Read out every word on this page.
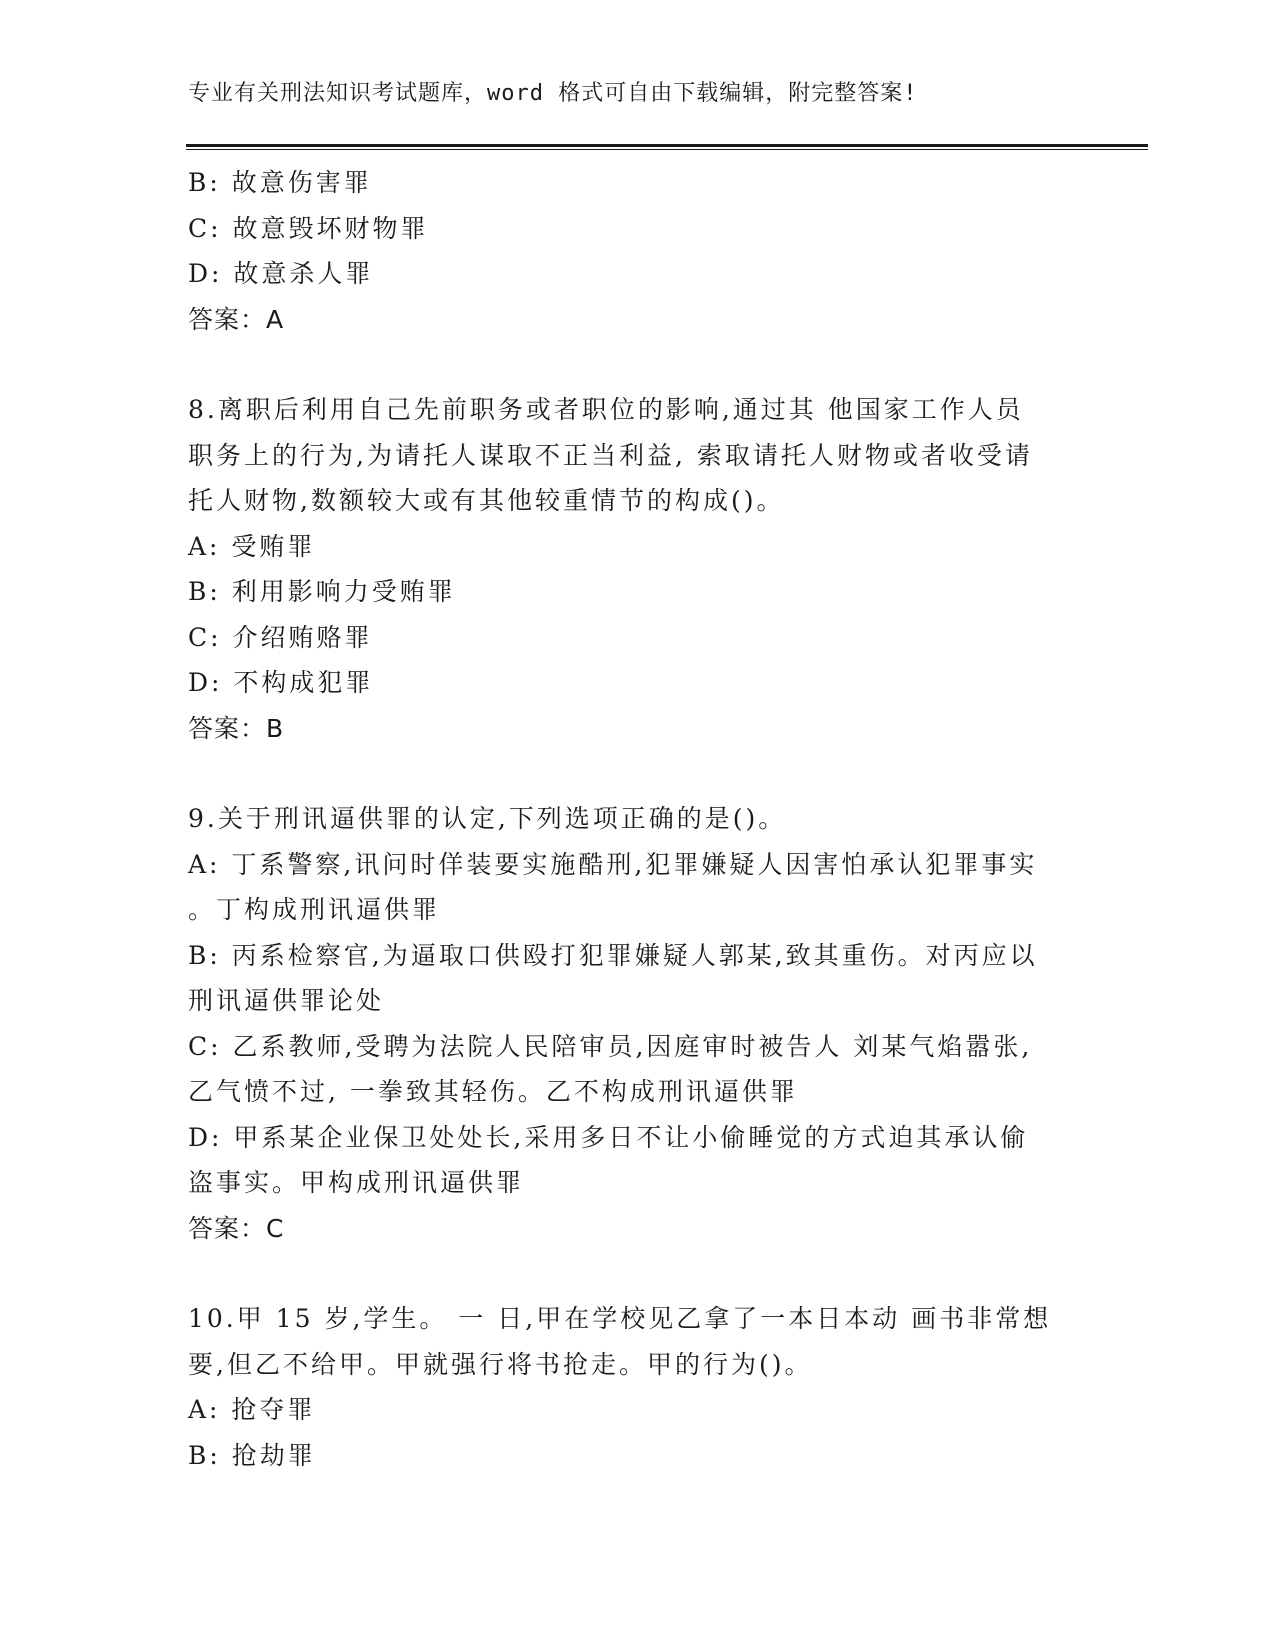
专业有关刑法知识考试题库，word 格式可自由下载编辑，附完整答案!
B: 故意伤害罪
C: 故意毁坏财物罪
D: 故意杀人罪
答案：A
8.离职后利用自己先前职务或者职位的影响,通过其 他国家工作人员
职务上的行为,为请托人谋取不正当利益, 索取请托人财物或者收受请
托人财物,数额较大或有其他较重情节的构成()。
A: 受贿罪
B: 利用影响力受贿罪
C: 介绍贿赂罪
D: 不构成犯罪
答案：B
9.关于刑讯逼供罪的认定,下列选项正确的是()。
A: 丁系警察,讯问时佯装要实施酷刑,犯罪嫌疑人因害怕承认犯罪事实
。丁构成刑讯逼供罪
B: 丙系检察官,为逼取口供殴打犯罪嫌疑人郭某,致其重伤。对丙应以
刑讯逼供罪论处
C: 乙系教师,受聘为法院人民陪审员,因庭审时被告人 刘某气焰嚣张,
乙气愤不过, 一拳致其轻伤。乙不构成刑讯逼供罪
D: 甲系某企业保卫处处长,采用多日不让小偷睡觉的方式迫其承认偷
盗事实。甲构成刑讯逼供罪
答案：C
10.甲 15 岁,学生。 一 日,甲在学校见乙拿了一本日本动 画书非常想
要,但乙不给甲。甲就强行将书抢走。甲的行为()。
A: 抢夺罪
B: 抢劫罪
